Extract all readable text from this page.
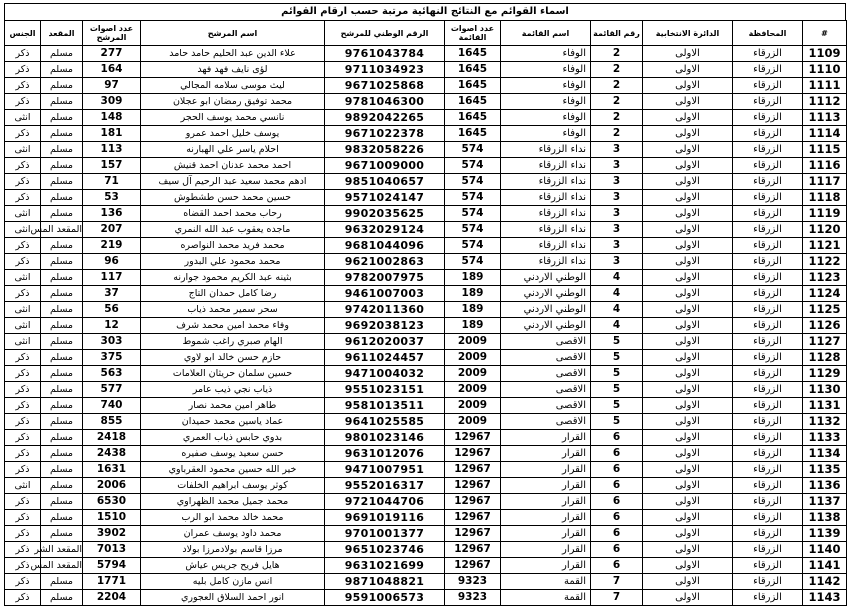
اسماء القوائم مع النتائج النهائية مرتبة حسب ارقام القوائم
#	المحافظة	الدائرة الانتخابية	رقم القائمة	اسم القائمة	عدد اصوات القائمة	الرقم الوطني للمرشح	اسم المرشح	عدد اصوات المرشح	المقعد	الجنس
1109	الزرقاء	الاولى	2	الوفاء	1645	9761043784	علاء الدين عبد الحليم حامد حامد	277	مسلم	ذكر
1110	الزرقاء	الاولى	2	الوفاء	1645	9711034923	لؤى نايف فهد فهد	164	مسلم	ذكر
1111	الزرقاء	الاولى	2	الوفاء	1645	9671025868	ليث موسى سلامه المجالي	97	مسلم	ذكر
1112	الزرقاء	الاولى	2	الوفاء	1645	9781046300	محمد توفيق رمضان ابو عجلان	309	مسلم	ذكر
1113	الزرقاء	الاولى	2	الوفاء	1645	9892042265	نانسي محمد يوسف الحجر	148	مسلم	انثى
1114	الزرقاء	الاولى	2	الوفاء	1645	9671022378	يوسف خليل احمد عمرو	181	مسلم	ذكر
1115	الزرقاء	الاولى	3	نداء الزرقاء	574	9832058226	احلام ياسر علي الهبارنه	113	مسلم	انثى
1116	الزرقاء	الاولى	3	نداء الزرقاء	574	9671009000	احمد محمد عدنان احمد قنيش	157	مسلم	ذكر
1117	الزرقاء	الاولى	3	نداء الزرقاء	574	9851040657	ادهم محمد سعيد عبد الرحيم آل سيف	71	مسلم	ذكر
1118	الزرقاء	الاولى	3	نداء الزرقاء	574	9571024147	حسين محمد حسن طشطوش	53	مسلم	ذكر
1119	الزرقاء	الاولى	3	نداء الزرقاء	574	9902035625	رحاب محمد احمد القضاه	136	مسلم	انثى
1120	الزرقاء	الاولى	3	نداء الزرقاء	574	9632029124	ماجده يعقوب عبد الله النمري	207	المقعد المس	انثى
1121	الزرقاء	الاولى	3	نداء الزرقاء	574	9681044096	محمد فريد محمد النواصره	219	مسلم	ذكر
1122	الزرقاء	الاولى	3	نداء الزرقاء	574	9621002863	محمد محمود علي البدور	96	مسلم	ذكر
1123	الزرقاء	الاولى	4	الوطني الاردني	189	9782007975	بثينه عبد الكريم محمود جوارنه	117	مسلم	انثى
1124	الزرقاء	الاولى	4	الوطني الاردني	189	9461007003	رضا كامل حمدان التاج	37	مسلم	ذكر
1125	الزرقاء	الاولى	4	الوطني الاردني	189	9742011360	سحر سمير محمد ذياب	56	مسلم	انثى
1126	الزرقاء	الاولى	4	الوطني الاردني	189	9692038123	وفاء محمد امين محمد شرف	12	مسلم	انثى
1127	الزرقاء	الاولى	5	الاقصى	2009	9612020037	الهام صبري راغب شموط	303	مسلم	انثى
1128	الزرقاء	الاولى	5	الاقصى	2009	9611024457	حازم حسن خالد ابو لاوي	375	مسلم	ذكر
1129	الزرقاء	الاولى	5	الاقصى	2009	9471004032	حسين سلمان حريثان العلامات	563	مسلم	ذكر
1130	الزرقاء	الاولى	5	الاقصى	2009	9551023151	ذياب نجي ذيب عامر	577	مسلم	ذكر
1131	الزرقاء	الاولى	5	الاقصى	2009	9581013511	طاهر امين محمد نصار	740	مسلم	ذكر
1132	الزرقاء	الاولى	5	الاقصى	2009	9641025585	عماد ياسين محمد حميدان	855	مسلم	ذكر
1133	الزرقاء	الاولى	6	القرار	12967	9801023146	بدوي حابس ذياب العمري	2418	مسلم	ذكر
1134	الزرقاء	الاولى	6	القرار	12967	9631012076	حسن سعيد يوسف صفيره	2438	مسلم	ذكر
1135	الزرقاء	الاولى	6	القرار	12967	9471007951	خير الله حسين محمود العقرباوي	1631	مسلم	ذكر
1136	الزرقاء	الاولى	6	القرار	12967	9552016317	كوثر يوسف ابراهيم الخلفات	2006	مسلم	انثى
1137	الزرقاء	الاولى	6	القرار	12967	9721044706	محمد جميل محمد الظهراوي	6530	مسلم	ذكر
1138	الزرقاء	الاولى	6	القرار	12967	9691019116	محمد خالد محمد ابو الرب	1510	مسلم	ذكر
1139	الزرقاء	الاولى	6	القرار	12967	9701001377	محمد داود يوسف عمران	3902	مسلم	ذكر
1140	الزرقاء	الاولى	6	القرار	12967	9651023746	مرزا قاسم بولادمرزا بولاد	7013	المقعد الشر	ذكر
1141	الزرقاء	الاولى	6	القرار	12967	9631021699	هايل فريح جريس عياش	5794	المقعد المس	ذكر
1142	الزرقاء	الاولى	7	القمة	9323	9871048821	انس مازن كامل بليه	1771	مسلم	ذكر
1143	الزرقاء	الاولى	7	القمة	9323	9591006573	انور احمد السلاق العجوري	2204	مسلم	ذكر
